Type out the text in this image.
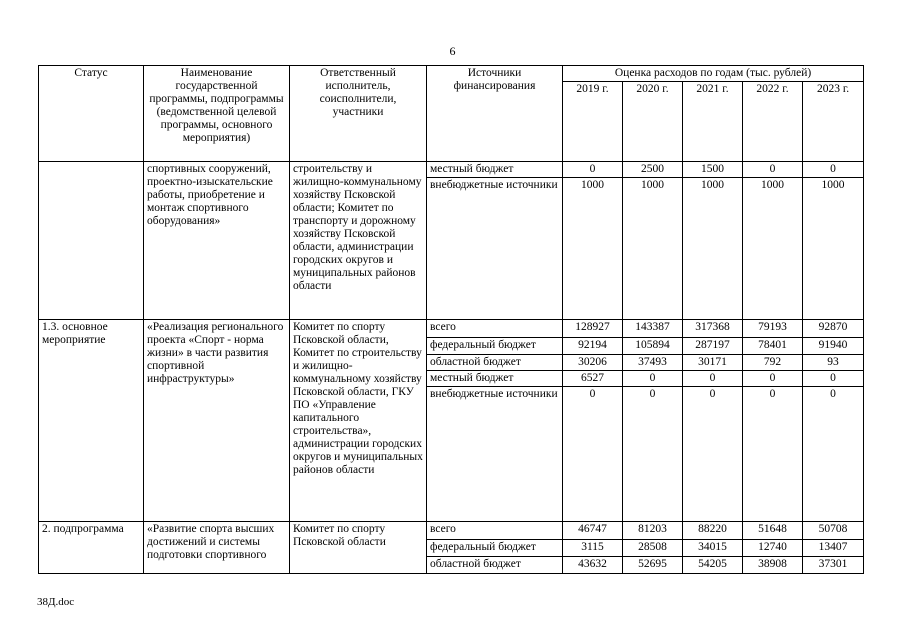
6
Статус	Наименование государственной программы, подпрограммы (ведомственной целевой программы, основного мероприятия)	Ответственный исполнитель, соисполнители, участники	Источники финансирования	Оценка расходов по годам (тыс. рублей)				
				2019 г.	2020 г.	2021 г.	2022 г.	2023 г.
	спортивных сооружений, проектно-изыскательские работы, приобретение и монтаж спортивного оборудования»	строительству и жилищно-коммунальному хозяйству Псковской области; Комитет по транспорту и дорожному хозяйству Псковской области, администрации городских округов и муниципальных районов области	местный бюджет	0	2500	1500	0	0
			внебюджетные источники	1000	1000	1000	1000	1000
1.3. основное мероприятие	«Реализация регионального проекта «Спорт - норма жизни» в части развития спортивной инфраструктуры»	Комитет по спорту Псковской области, Комитет по строительству и жилищно-коммунальному хозяйству Псковской области, ГКУ ПО «Управление капитального строительства», администрации городских округов и муниципальных районов области	всего	128927	143387	317368	79193	92870
			федеральный бюджет	92194	105894	287197	78401	91940
			областной бюджет	30206	37493	30171	792	93
			местный бюджет	6527	0	0	0	0
			внебюджетные источники	0	0	0	0	0
2. подпрограмма	«Развитие спорта высших достижений и системы подготовки спортивного	Комитет по спорту Псковской области	всего	46747	81203	88220	51648	50708
			федеральный бюджет	3115	28508	34015	12740	13407
			областной бюджет	43632	52695	54205	38908	37301
38Д.doc
